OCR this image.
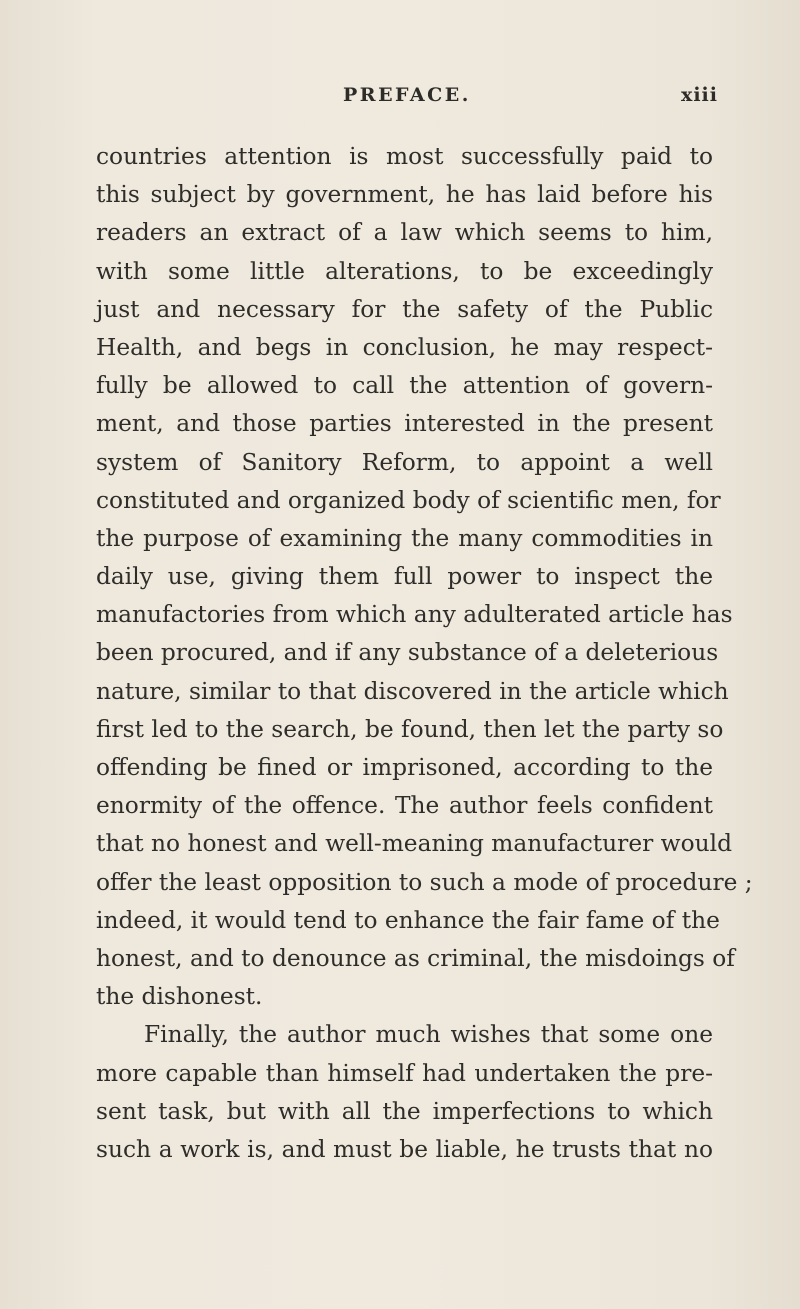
PREFACE.	xiii
countries attention is most successfully paid to
this subject by government, he has laid before his
readers an extract of a law which seems to him,
with some little alterations, to be exceedingly
just and necessary for the safety of the Public
Health, and begs in conclusion, he may respect-
fully be allowed to call the attention of govern-
ment, and those parties interested in the present
system of Sanitory Reform, to appoint a well
constituted and organized body of scientific men, for
the purpose of examining the many commodities in
daily use, giving them full power to inspect the
manufactories from which any adulterated article has
been procured, and if any substance of a deleterious
nature, similar to that discovered in the article which
first led to the search, be found, then let the party so
offending be fined or imprisoned, according to the
enormity of the offence. The author feels confident
that no honest and well-meaning manufacturer would
offer the least opposition to such a mode of procedure ;
indeed, it would tend to enhance the fair fame of the
honest, and to denounce as criminal, the misdoings of
the dishonest.
Finally, the author much wishes that some one
more capable than himself had undertaken the pre-
sent task, but with all the imperfections to which
such a work is, and must be liable, he trusts that no
